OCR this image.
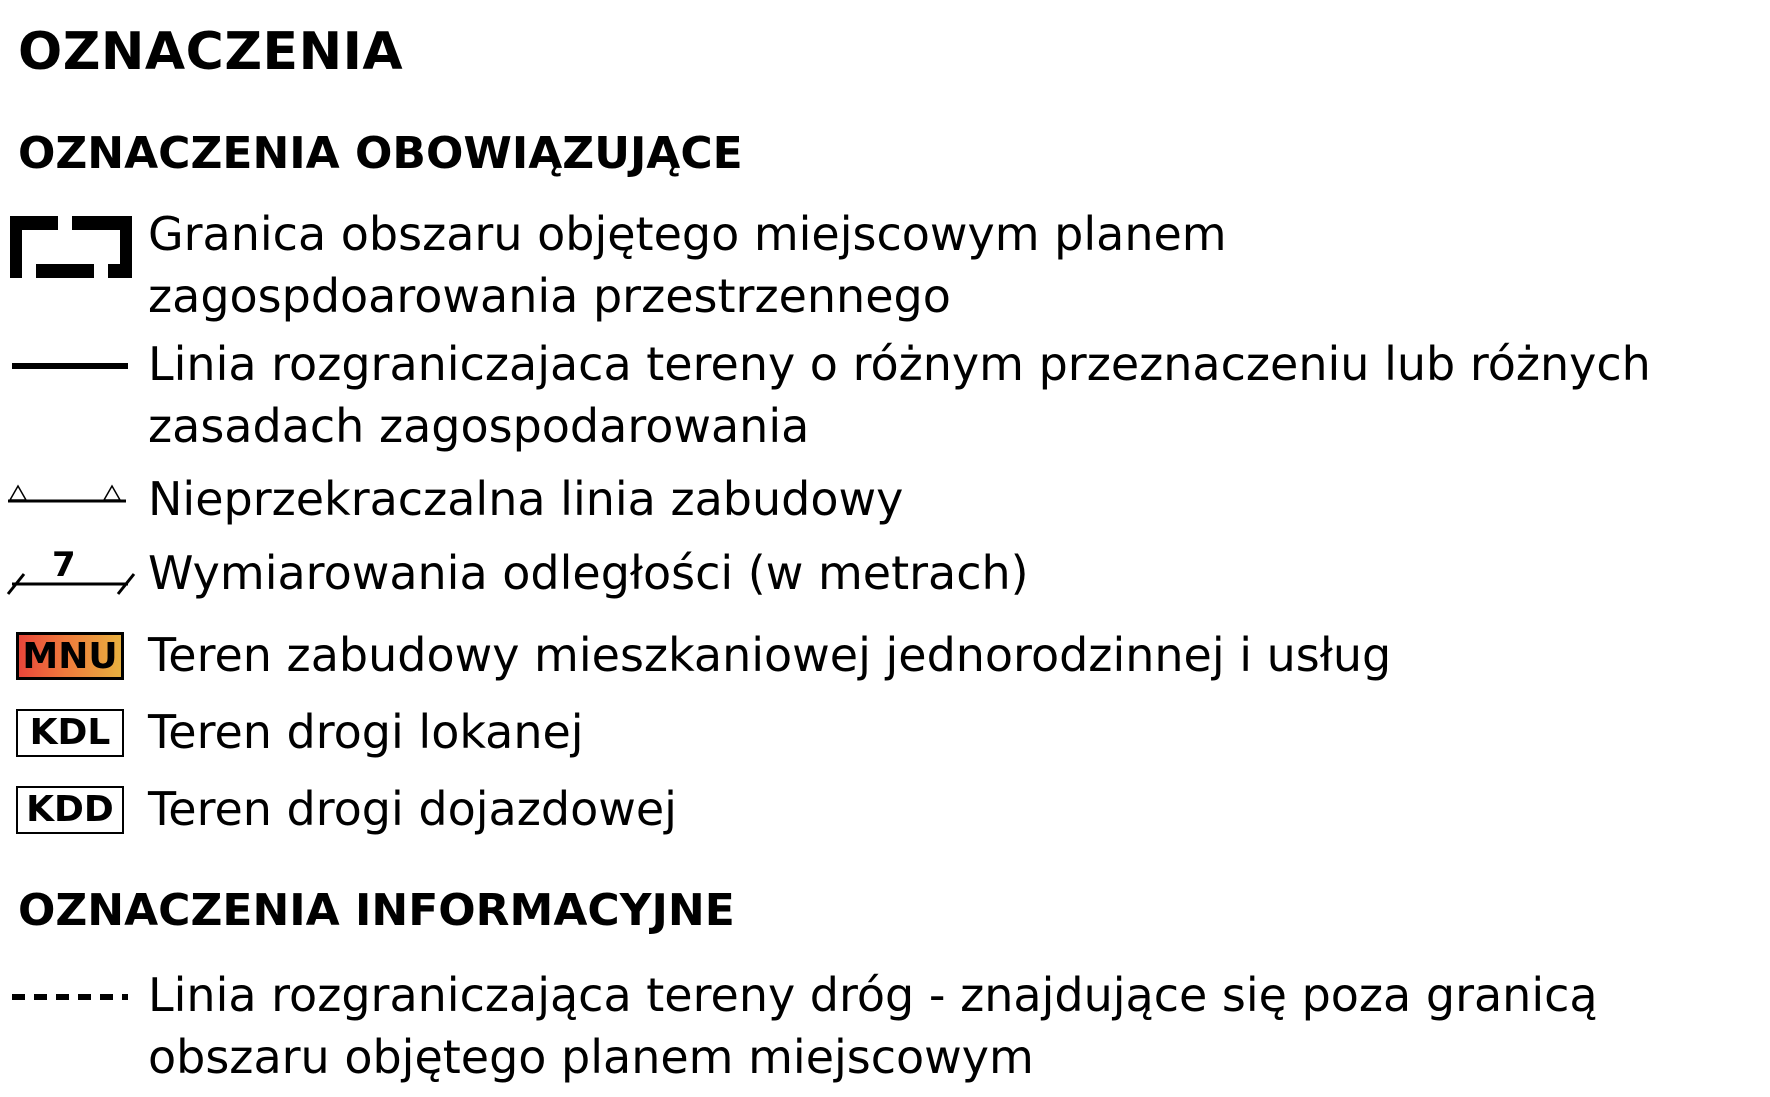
OZNACZENIA
OZNACZENIA OBOWIĄZUJĄCE
Granica obszaru objętego miejscowym planem
zagospdoarowania przestrzennego
Linia rozgraniczajaca tereny o różnym przeznaczeniu lub różnych
zasadach zagospodarowania
Nieprzekraczalna linia zabudowy
7 Wymiarowania odległości (w metrach)
MNU Teren zabudowy mieszkaniowej jednorodzinnej i usług
KDL Teren drogi lokanej
KDD Teren drogi dojazdowej
OZNACZENIA INFORMACYJNE
Linia rozgraniczająca tereny dróg - znajdujące się poza granicą
obszaru objętego planem miejscowym
